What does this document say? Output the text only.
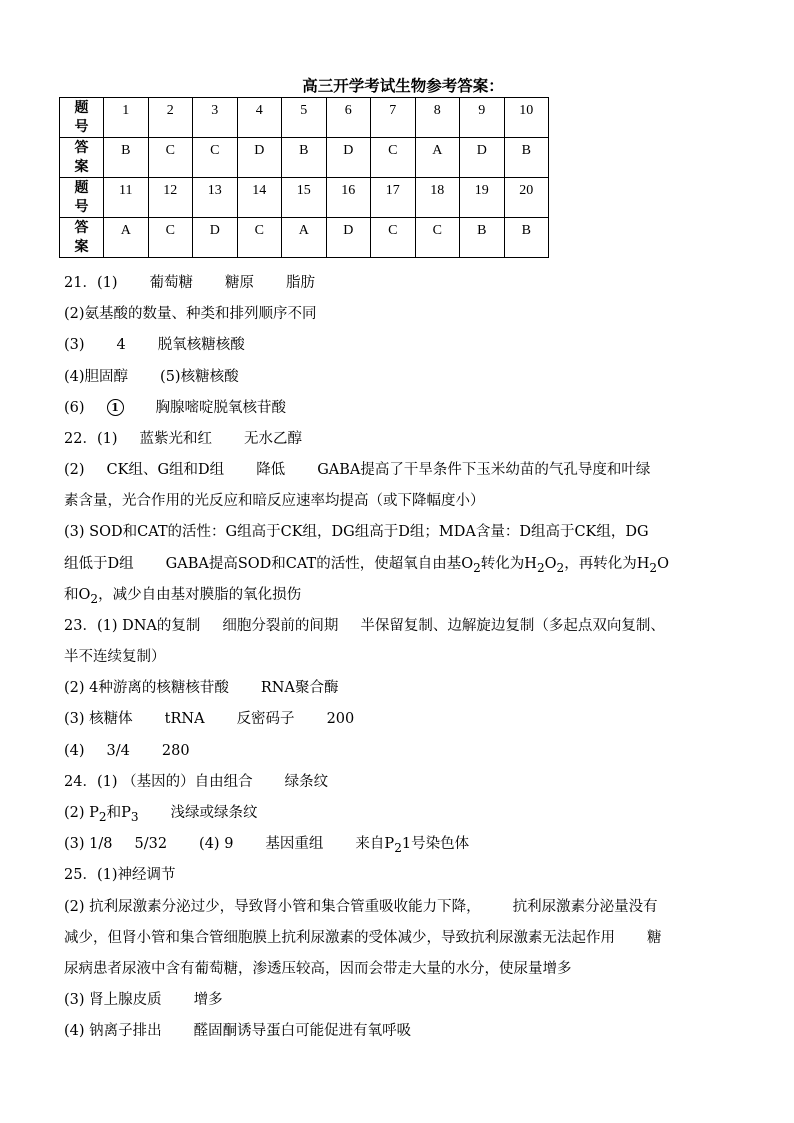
高三开学考试生物参考答案：
题号	1	2	3	4	5	6	7	8	9	10
答案	B	C	C	D	B	D	C	A	D	B
题号	11	12	13	14	15	16	17	18	19	20
答案	A	C	D	C	A	D	C	C	B	B
21．(1) 葡萄糖 糖原 脂肪
(2)氨基酸的数量、种类和排列顺序不同
(3) 4 脱氧核糖核酸
(4)胆固醇 (5)核糖核酸
(6) 1	胸腺嘧啶脱氧核苷酸
22．(1) 蓝紫光和红 无水乙醇
(2) CK组、G组和D组 降低 GABA提高了干旱条件下玉米幼苗的气孔导度和叶绿
素含量，光合作用的光反应和暗反应速率均提高（或下降幅度小）
(3) SOD和CAT的活性：G组高于CK组，DG组高于D组；MDA含量：D组高于CK组，DG
组低于D组 GABA提高SOD和CAT的活性，使超氧自由基$O_2$转化为$H_2O_2$，再转化为$H_2O$
和$O_2$，减少自由基对膜脂的氧化损伤
23．(1) DNA的复制 细胞分裂前的间期 半保留复制、边解旋边复制（多起点双向复制、
半不连续复制）
(2) 4种游离的核糖核苷酸 RNA聚合酶
(3) 核糖体 tRNA 反密码子 200
(4) 3/4 280
24．(1) （基因的）自由组合 绿条纹
(2) $P_2$和$P_3$ 浅绿或绿条纹
(3) 1/8 5/32 (4) 9 基因重组 来自$P_21$号染色体
25．(1)神经调节
(2) 抗利尿激素分泌过少，导致肾小管和集合管重吸收能力下降， 抗利尿激素分泌量没有
减少，但肾小管和集合管细胞膜上抗利尿激素的受体减少，导致抗利尿激素无法起作用 糖
尿病患者尿液中含有葡萄糖，渗透压较高，因而会带走大量的水分，使尿量增多
(3) 肾上腺皮质 增多
(4) 钠离子排出 醛固酮诱导蛋白可能促进有氧呼吸
